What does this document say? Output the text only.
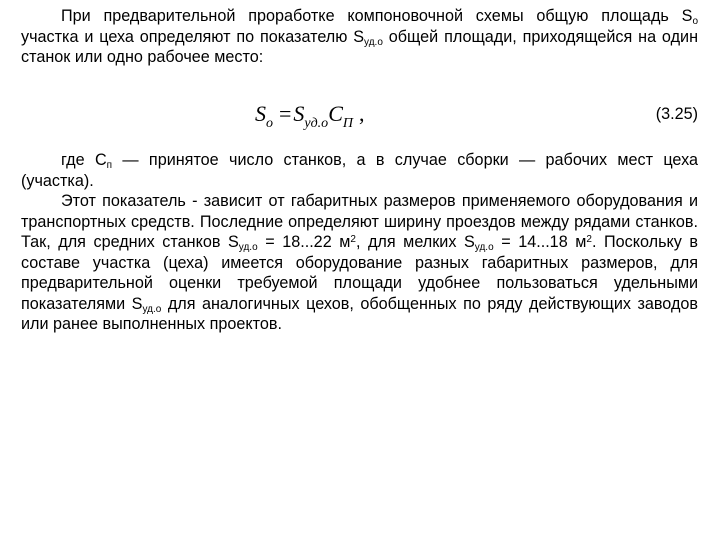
При предварительной проработке компоновочной схемы общую площадь $S_о$ участка и цеха определяют по показателю $S_{уд.о}$ общей площади, приходящейся на один станок или одно рабочее место:

$S_o =S_{уд.о}C_П$ ,	(3.25)

где $C_п$ — принятое число станков, а в случае сборки — рабочих мест цеха (участка).

Этот показатель - зависит от габаритных размеров применяемого оборудования и транспортных средств. Последние определяют ширину проездов между рядами станков. Так, для средних станков $S_{уд.о} = 18...22$ $м^2$, для мелких $S_{уд.о} = 14...18$ $м^2$. Поскольку в составе участка (цеха) имеется оборудование разных габаритных размеров, для предварительной оценки требуемой площади удобнее пользоваться удельными показателями $S_{уд.о}$ для аналогичных цехов, обобщенных по ряду действующих заводов или ранее выполненных проектов.
